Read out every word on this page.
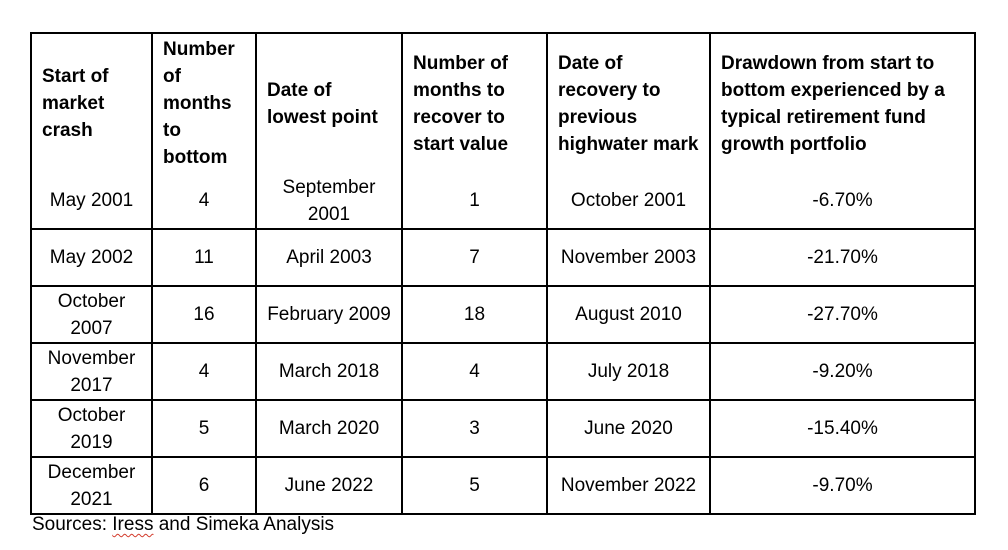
Start of market crash	Number of months to bottom	Date of lowest point	Number of months to recover to start value	Date of recovery to previous highwater mark	Drawdown from start to bottom experienced by a typical retirement fund growth portfolio
May 2001	4	September 2001	1	October 2001	-6.70%
May 2002	11	April 2003	7	November 2003	-21.70%
October 2007	16	February 2009	18	August 2010	-27.70%
November 2017	4	March 2018	4	July 2018	-9.20%
October 2019	5	March 2020	3	June 2020	-15.40%
December 2021	6	June 2022	5	November 2022	-9.70%
Sources: Iress and Simeka Analysis
